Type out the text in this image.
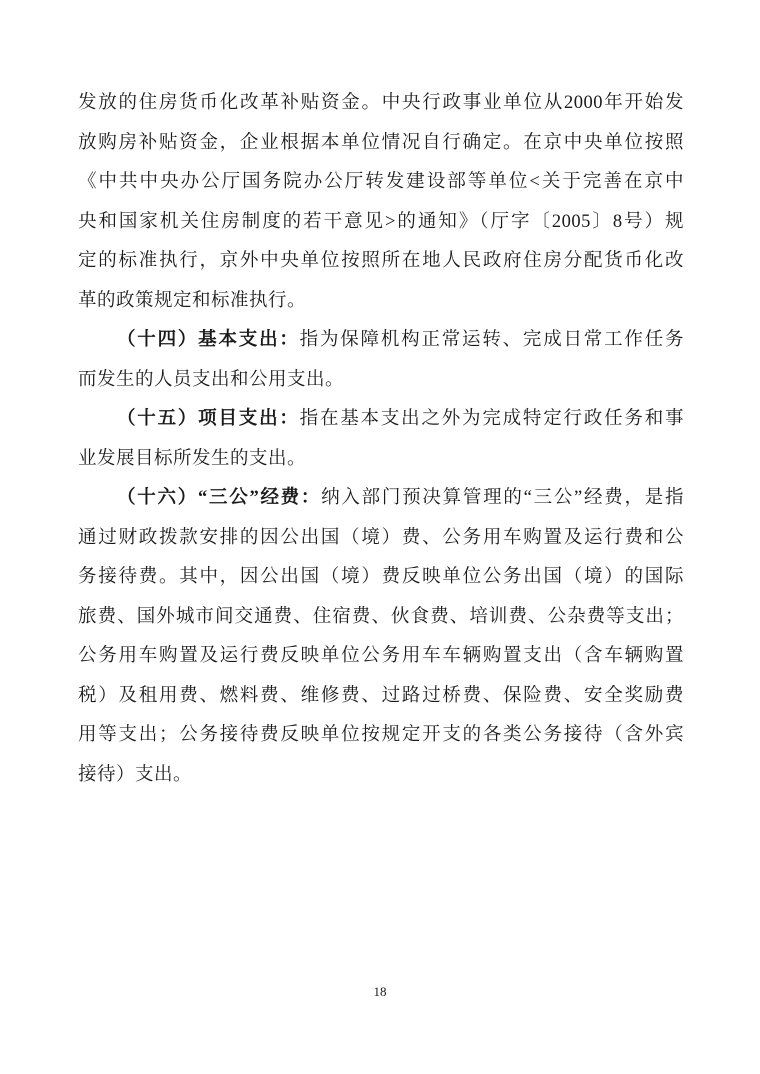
发放的住房货币化改革补贴资金。中央行政事业单位从2000年开始发
放购房补贴资金，企业根据本单位情况自行确定。在京中央单位按照
《中共中央办公厅国务院办公厅转发建设部等单位<关于完善在京中
央和国家机关住房制度的若干意见>的通知》（厅字〔2005〕8号）规
定的标准执行，京外中央单位按照所在地人民政府住房分配货币化改
革的政策规定和标准执行。
（十四）基本支出：指为保障机构正常运转、完成日常工作任务
而发生的人员支出和公用支出。
（十五）项目支出：指在基本支出之外为完成特定行政任务和事
业发展目标所发生的支出。
（十六）“三公”经费：纳入部门预决算管理的“三公”经费，是指
通过财政拨款安排的因公出国（境）费、公务用车购置及运行费和公
务接待费。其中，因公出国（境）费反映单位公务出国（境）的国际
旅费、国外城市间交通费、住宿费、伙食费、培训费、公杂费等支出；
公务用车购置及运行费反映单位公务用车车辆购置支出（含车辆购置
税）及租用费、燃料费、维修费、过路过桥费、保险费、安全奖励费
用等支出；公务接待费反映单位按规定开支的各类公务接待（含外宾
接待）支出。
18
